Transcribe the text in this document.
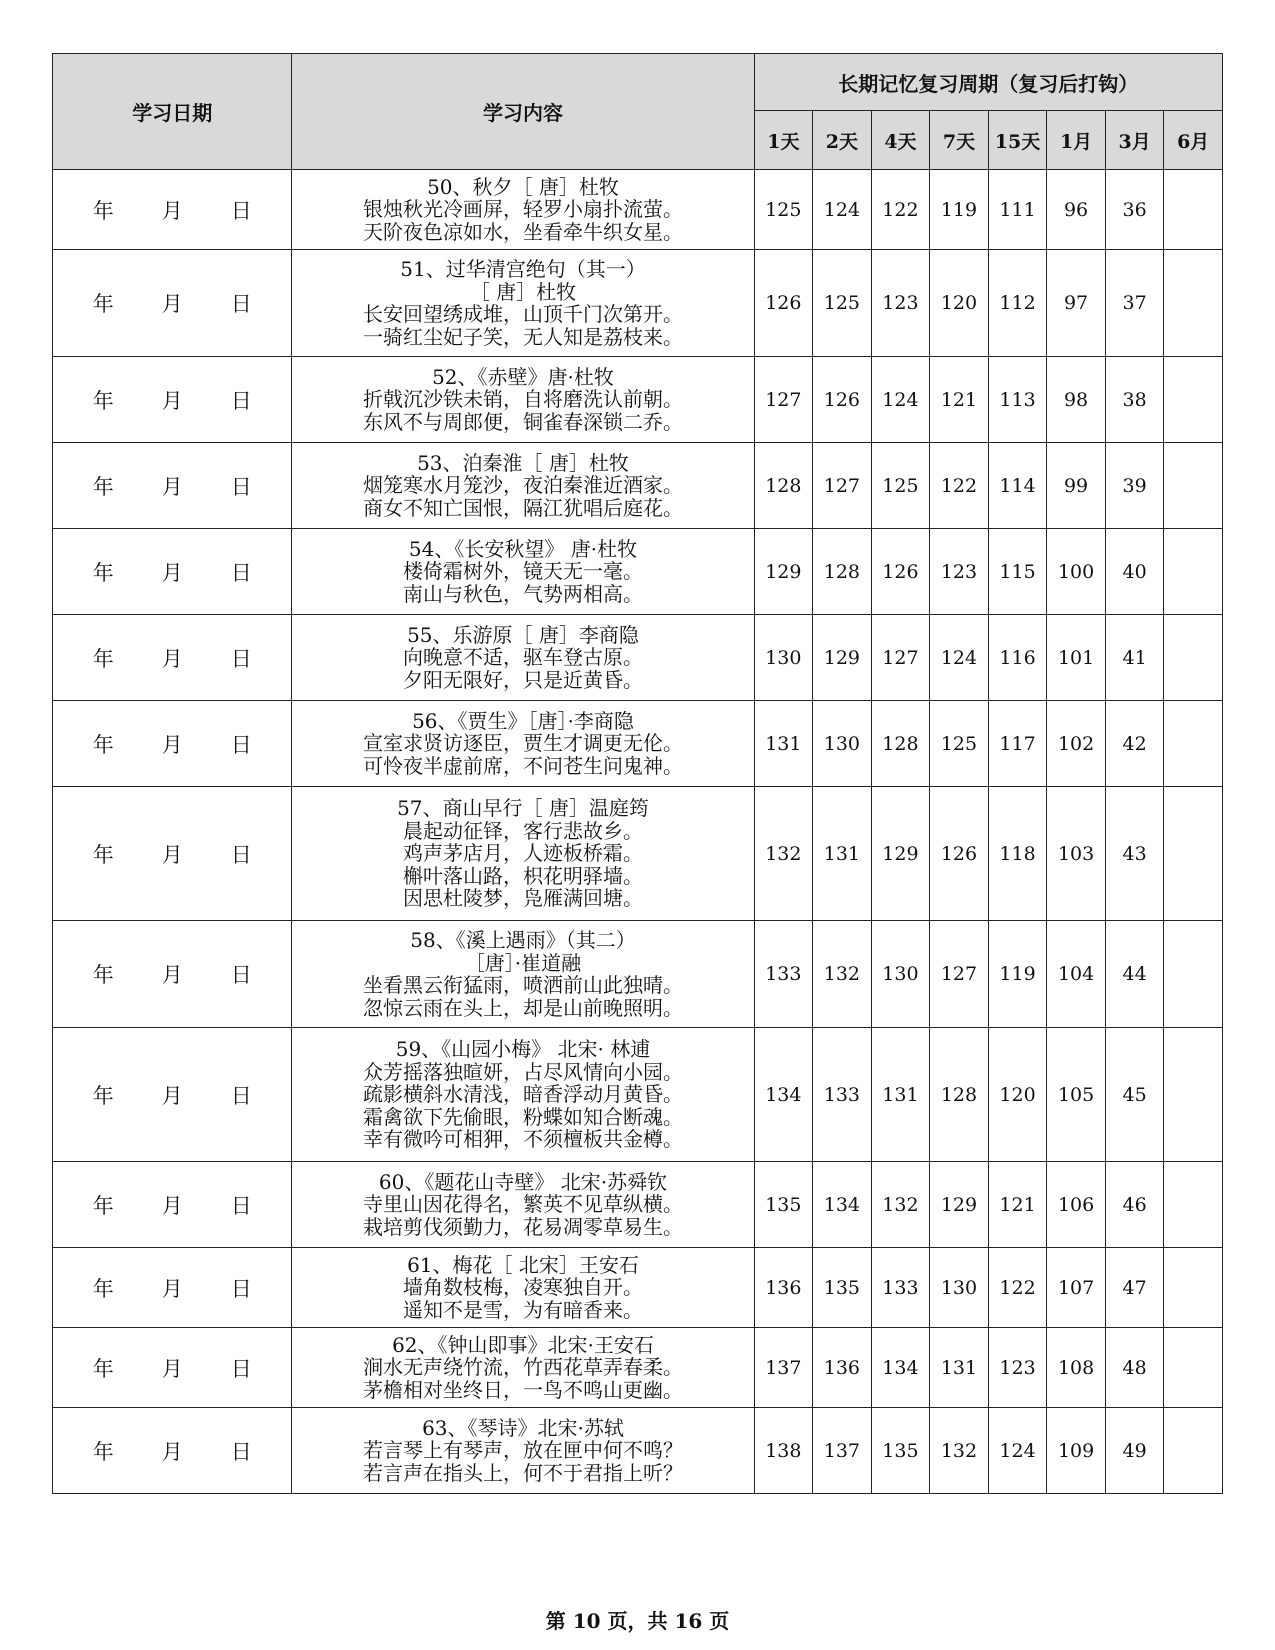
学习日期	学习内容	长期记忆复习周期（复习后打钩）							
		1天	2天	4天	7天	15天	1月	3月	6月
年 月 日	50、秋夕［ 唐］杜牧
银烛秋光冷画屏，轻罗小扇扑流萤。
天阶夜色凉如水，坐看牵牛织女星。	125	124	122	119	111	96	36	
年 月 日	51、过华清宫绝句（其一）
［ 唐］杜牧
长安回望绣成堆，山顶千门次第开。
一骑红尘妃子笑，无人知是荔枝来。	126	125	123	120	112	97	37	
年 月 日	52、《赤壁》唐·杜牧
折戟沉沙铁未销，自将磨洗认前朝。
东风不与周郎便，铜雀春深锁二乔。	127	126	124	121	113	98	38	
年 月 日	53、泊秦淮［ 唐］杜牧
烟笼寒水月笼沙，夜泊秦淮近酒家。
商女不知亡国恨，隔江犹唱后庭花。	128	127	125	122	114	99	39	
年 月 日	54、《长安秋望》 唐·杜牧
楼倚霜树外，镜天无一毫。
南山与秋色，气势两相高。	129	128	126	123	115	100	40	
年 月 日	55、乐游原［ 唐］李商隐
向晚意不适，驱车登古原。
夕阳无限好，只是近黄昏。	130	129	127	124	116	101	41	
年 月 日	56、《贾生》［唐］·李商隐
宣室求贤访逐臣，贾生才调更无伦。
可怜夜半虚前席，不问苍生问鬼神。	131	130	128	125	117	102	42	
年 月 日	57、商山早行［ 唐］温庭筠
晨起动征铎，客行悲故乡。
鸡声茅店月，人迹板桥霜。
槲叶落山路，枳花明驿墙。
因思杜陵梦，凫雁满回塘。	132	131	129	126	118	103	43	
年 月 日	58、《溪上遇雨》（其二）
［唐］·崔道融
坐看黑云衔猛雨，喷洒前山此独晴。
忽惊云雨在头上，却是山前晚照明。	133	132	130	127	119	104	44	
年 月 日	59、《山园小梅》 北宋· 林逋
众芳摇落独暄妍，占尽风情向小园。
疏影横斜水清浅，暗香浮动月黄昏。
霜禽欲下先偷眼，粉蝶如知合断魂。
幸有微吟可相狎，不须檀板共金樽。	134	133	131	128	120	105	45	
年 月 日	60、《题花山寺壁》 北宋·苏舜钦
寺里山因花得名，繁英不见草纵横。
栽培剪伐须勤力，花易凋零草易生。	135	134	132	129	121	106	46	
年 月 日	61、梅花［ 北宋］王安石
墙角数枝梅，凌寒独自开。
遥知不是雪，为有暗香来。	136	135	133	130	122	107	47	
年 月 日	62、《钟山即事》北宋·王安石
涧水无声绕竹流，竹西花草弄春柔。
茅檐相对坐终日，一鸟不鸣山更幽。	137	136	134	131	123	108	48	
年 月 日	63、《琴诗》北宋·苏轼
若言琴上有琴声，放在匣中何不鸣？
若言声在指头上，何不于君指上听？	138	137	135	132	124	109	49	
第 10 页，共 16 页
